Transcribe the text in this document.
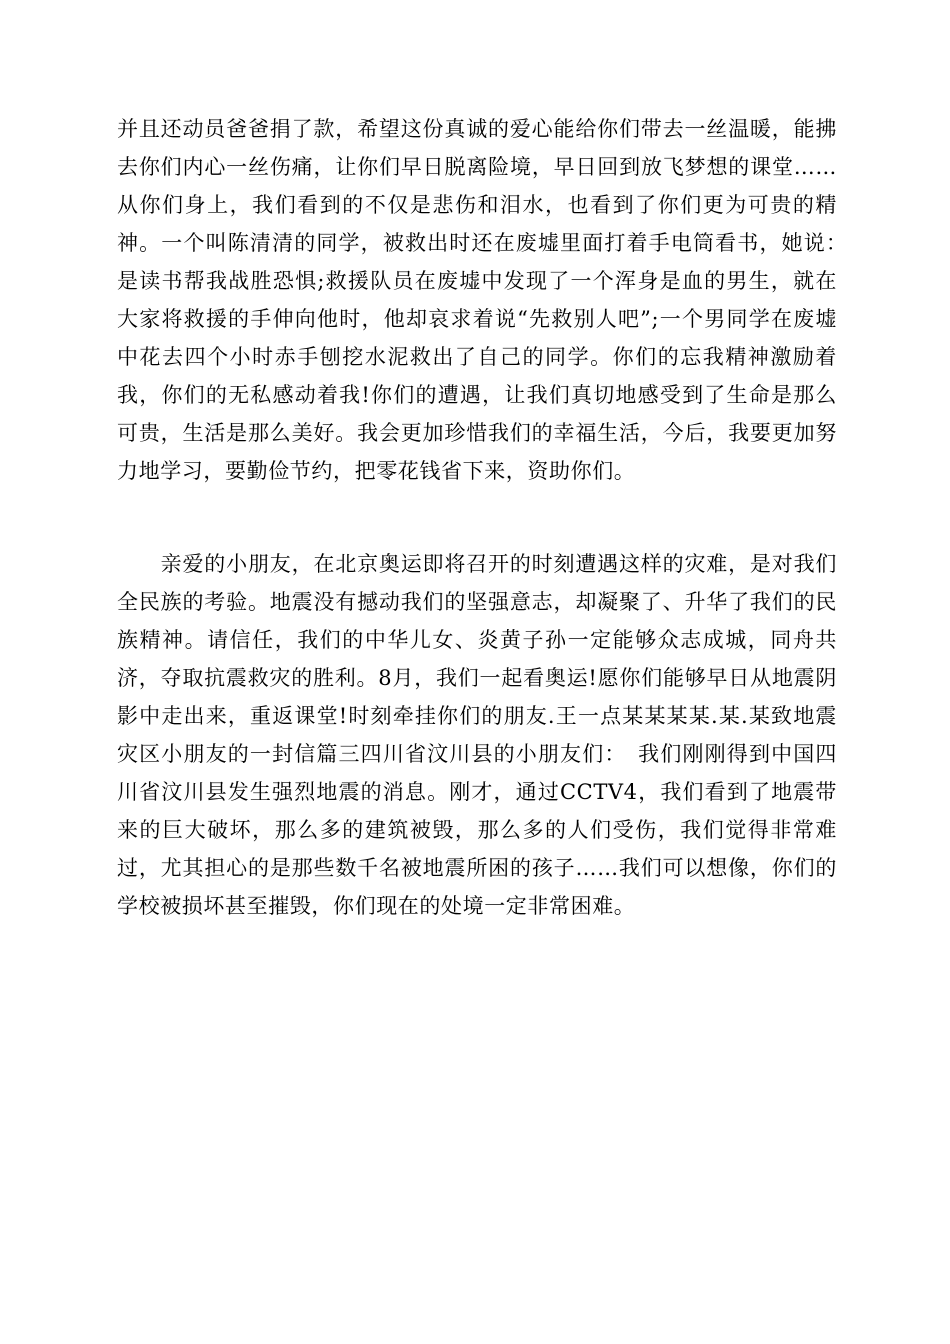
并且还动员爸爸捐了款，希望这份真诚的爱心能给你们带去一丝温暖，能拂去你们内心一丝伤痛，让你们早日脱离险境，早日回到放飞梦想的课堂……从你们身上，我们看到的不仅是悲伤和泪水，也看到了你们更为可贵的精神。一个叫陈清清的同学，被救出时还在废墟里面打着手电筒看书，她说：　是读书帮我战胜恐惧;救援队员在废墟中发现了一个浑身是血的男生，就在大家将救援的手伸向他时，他却哀求着说“先救别人吧”;一个男同学在废墟中花去四个小时赤手刨挖水泥救出了自己的同学。你们的忘我精神激励着我，你们的无私感动着我!你们的遭遇，让我们真切地感受到了生命是那么可贵，生活是那么美好。我会更加珍惜我们的幸福生活，今后，我要更加努力地学习，要勤俭节约，把零花钱省下来，资助你们。

　　亲爱的小朋友，在北京奥运即将召开的时刻遭遇这样的灾难，是对我们全民族的考验。地震没有撼动我们的坚强意志，却凝聚了、升华了我们的民族精神。请信任，我们的中华儿女、炎黄子孙一定能够众志成城，同舟共济，夺取抗震救灾的胜利。8月，我们一起看奥运!愿你们能够早日从地震阴影中走出来，重返课堂!时刻牵挂你们的朋友.王一点某某某某.某.某致地震灾区小朋友的一封信篇三四川省汶川县的小朋友们：　我们刚刚得到中国四川省汶川县发生强烈地震的消息。刚才，通过CCTV4，我们看到了地震带来的巨大破坏，那么多的建筑被毁，那么多的人们受伤，我们觉得非常难过，尤其担心的是那些数千名被地震所困的孩子……我们可以想像，你们的学校被损坏甚至摧毁，你们现在的处境一定非常困难。
